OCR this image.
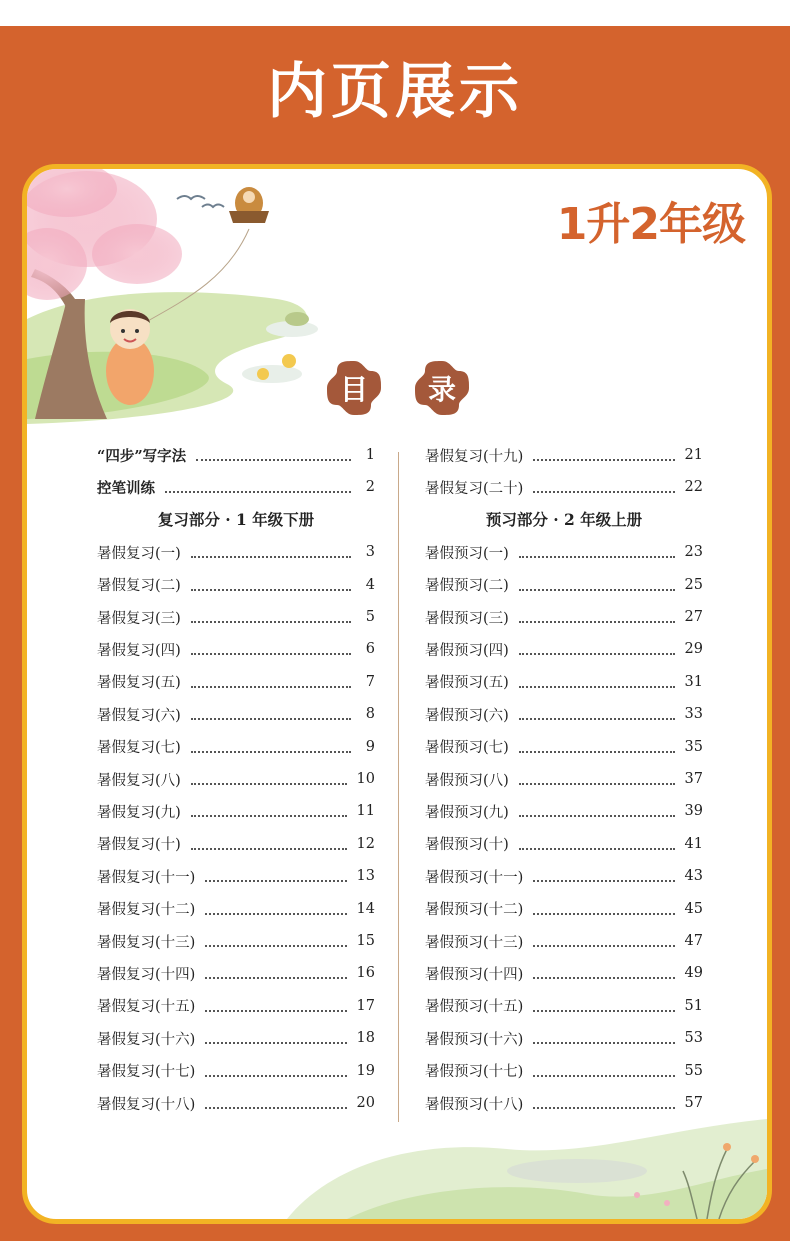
内页展示
1升2年级
目 录
“四步”写字法	1
控笔训练	2
复习部分 · 1 年级下册
暑假复习(一)	3
暑假复习(二)	4
暑假复习(三)	5
暑假复习(四)	6
暑假复习(五)	7
暑假复习(六)	8
暑假复习(七)	9
暑假复习(八)	10
暑假复习(九)	11
暑假复习(十)	12
暑假复习(十一)	13
暑假复习(十二)	14
暑假复习(十三)	15
暑假复习(十四)	16
暑假复习(十五)	17
暑假复习(十六)	18
暑假复习(十七)	19
暑假复习(十八)	20
暑假复习(十九)	21
暑假复习(二十)	22
预习部分 · 2 年级上册
暑假预习(一)	23
暑假预习(二)	25
暑假预习(三)	27
暑假预习(四)	29
暑假预习(五)	31
暑假预习(六)	33
暑假预习(七)	35
暑假预习(八)	37
暑假预习(九)	39
暑假预习(十)	41
暑假预习(十一)	43
暑假预习(十二)	45
暑假预习(十三)	47
暑假预习(十四)	49
暑假预习(十五)	51
暑假预习(十六)	53
暑假预习(十七)	55
暑假预习(十八)	57
